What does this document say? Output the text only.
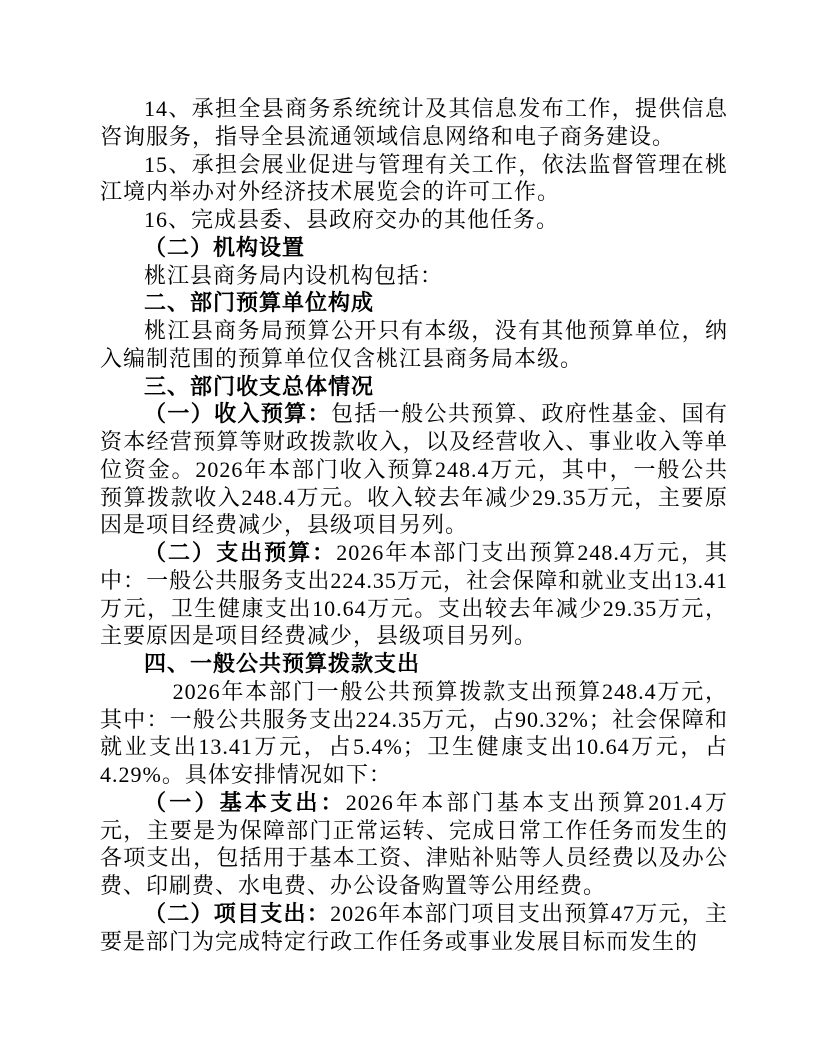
14、承担全县商务系统统计及其信息发布工作，提供信息咨询服务，指导全县流通领域信息网络和电子商务建设。

15、承担会展业促进与管理有关工作，依法监督管理在桃江境内举办对外经济技术展览会的许可工作。

16、完成县委、县政府交办的其他任务。

（二）机构设置

桃江县商务局内设机构包括：

二、部门预算单位构成

桃江县商务局预算公开只有本级，没有其他预算单位，纳入编制范围的预算单位仅含桃江县商务局本级。

三、部门收支总体情况

（一）收入预算：包括一般公共预算、政府性基金、国有资本经营预算等财政拨款收入，以及经营收入、事业收入等单位资金。2026年本部门收入预算248.4万元，其中，一般公共预算拨款收入248.4万元。收入较去年减少29.35万元，主要原因是项目经费减少，县级项目另列。

（二）支出预算：2026年本部门支出预算248.4万元，其中：一般公共服务支出224.35万元，社会保障和就业支出13.41万元，卫生健康支出10.64万元。支出较去年减少29.35万元，主要原因是项目经费减少，县级项目另列。

四、一般公共预算拨款支出

2026年本部门一般公共预算拨款支出预算248.4万元，其中：一般公共服务支出224.35万元，占90.32%；社会保障和就业支出13.41万元，占5.4%；卫生健康支出10.64万元，占4.29%。具体安排情况如下：

（一）基本支出：2026年本部门基本支出预算201.4万元，主要是为保障部门正常运转、完成日常工作任务而发生的各项支出，包括用于基本工资、津贴补贴等人员经费以及办公费、印刷费、水电费、办公设备购置等公用经费。

（二）项目支出：2026年本部门项目支出预算47万元，主要是部门为完成特定行政工作任务或事业发展目标而发生的
